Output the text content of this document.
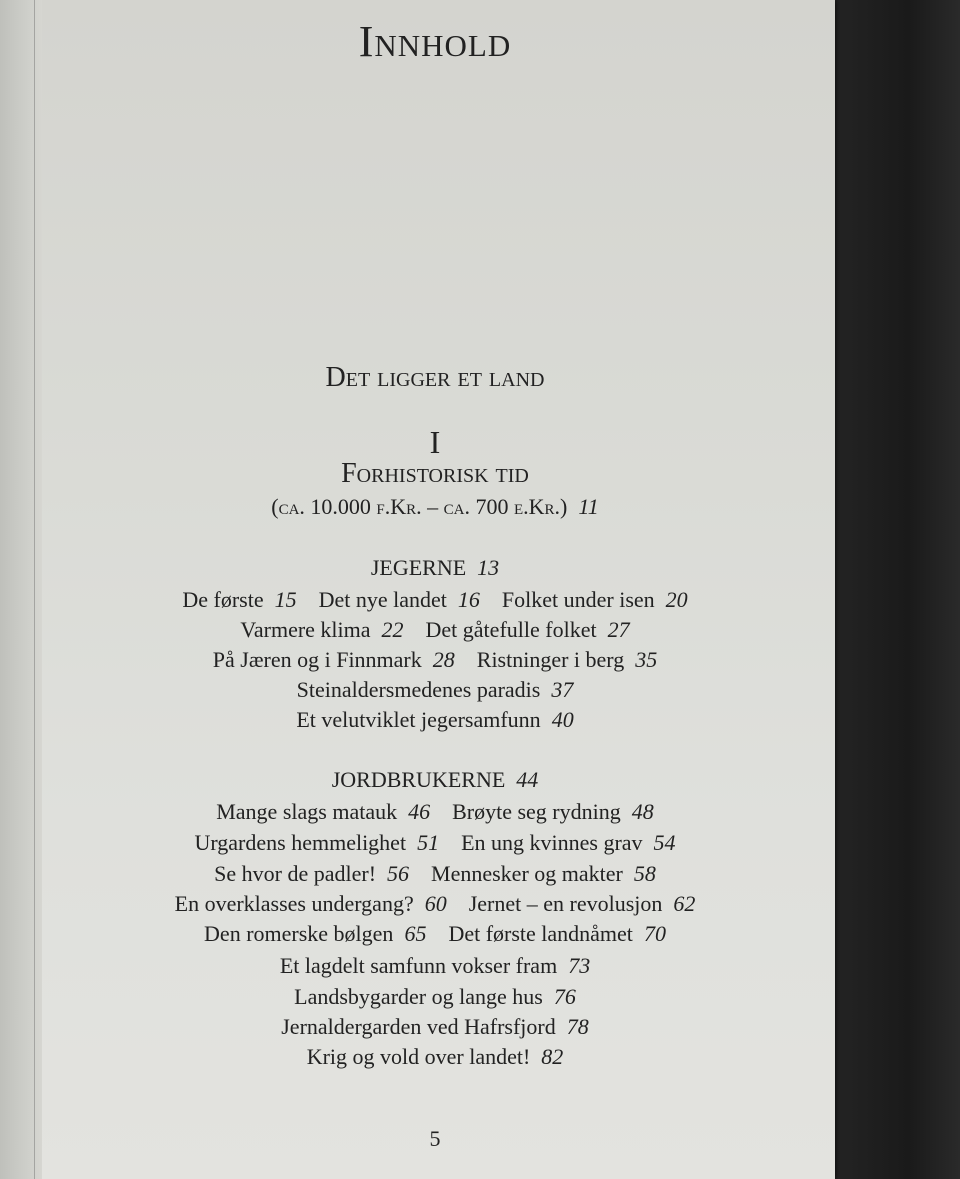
Innhold
Det ligger et land
I
Forhistorisk tid
(ca. 10.000 f.Kr. – ca. 700 e.Kr.) 11
JEGERNE 13
De første 15 Det nye landet 16 Folket under isen 20
Varmere klima 22 Det gåtefulle folket 27
På Jæren og i Finnmark 28 Ristninger i berg 35
Steinaldersmedenes paradis 37
Et velutviklet jegersamfunn 40
JORDBRUKERNE 44
Mange slags matauk 46 Brøyte seg rydning 48
Urgardens hemmelighet 51 En ung kvinnes grav 54
Se hvor de padler! 56 Mennesker og makter 58
En overklasses undergang? 60 Jernet – en revolusjon 62
Den romerske bølgen 65 Det første landnåmet 70
Et lagdelt samfunn vokser fram 73
Landsbygarder og lange hus 76
Jernaldergarden ved Hafrsfjord 78
Krig og vold over landet! 82
5
